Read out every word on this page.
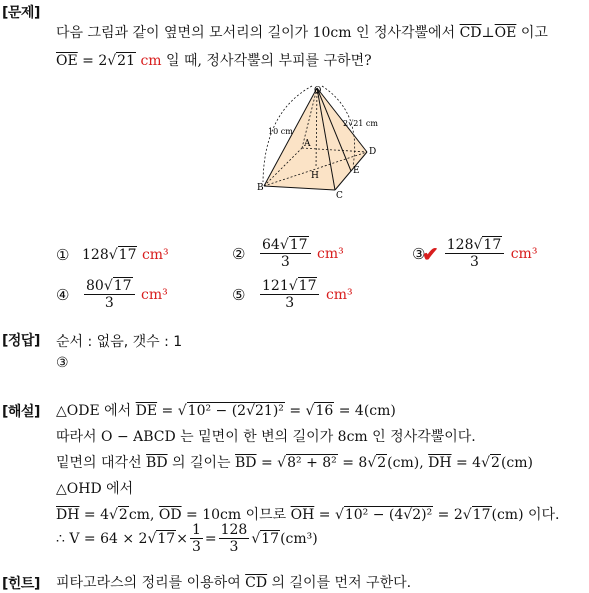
[문제]
다음 그림과 같이 옆면의 모서리의 길이가 10cm 인 정사각뿔에서 $\overline{CD}\perp\overline{OE}$ 이고
$\overline{OE} = 2√21$ cm 일 때, 정사각뿔의 부피를 구하면?
O
A
B
C
D
E
H
10 cm
2√21 cm
① 128 √17
cm³	②	$\frac{64√17}{3}$
cm³	③
✔ $\frac{128√17}{3}$
cm³
④	$\frac{80√17}{3}$
cm³	⑤	$\frac{121√17}{3}$
cm³
[정답] 순서 : 없음, 갯수 : 1
③
[해설] △ODE 에서 $\overline{DE} = √10^2 - (2√21)^2 = √16 = 4(cm)$
따라서 O − ABCD 는 밑면이 한 변의 길이가 8cm 인 정사각뿔이다.
밑면의 대각선 $\overline{BD}$ 의 길이는 $\overline{BD} = √8^2 + 8^2 = 8√2(cm)$, $\overline{DH} = 4√2(cm)$
△OHD 에서
$\overline{DH} = 4√2cm$, $\overline{OD} = 10cm$ 이므로 $\overline{OH} = √10^2 - (4√2)^2 = 2√17(cm)$ 이다.
∴ V = 64 × 2 $√17 \times \frac{1}{3} = \frac{128}{3} √17$ (cm³)
[힌트] 피타고라스의 정리를 이용하여 $\overline{CD}$ 의 길이를 먼저 구한다.
